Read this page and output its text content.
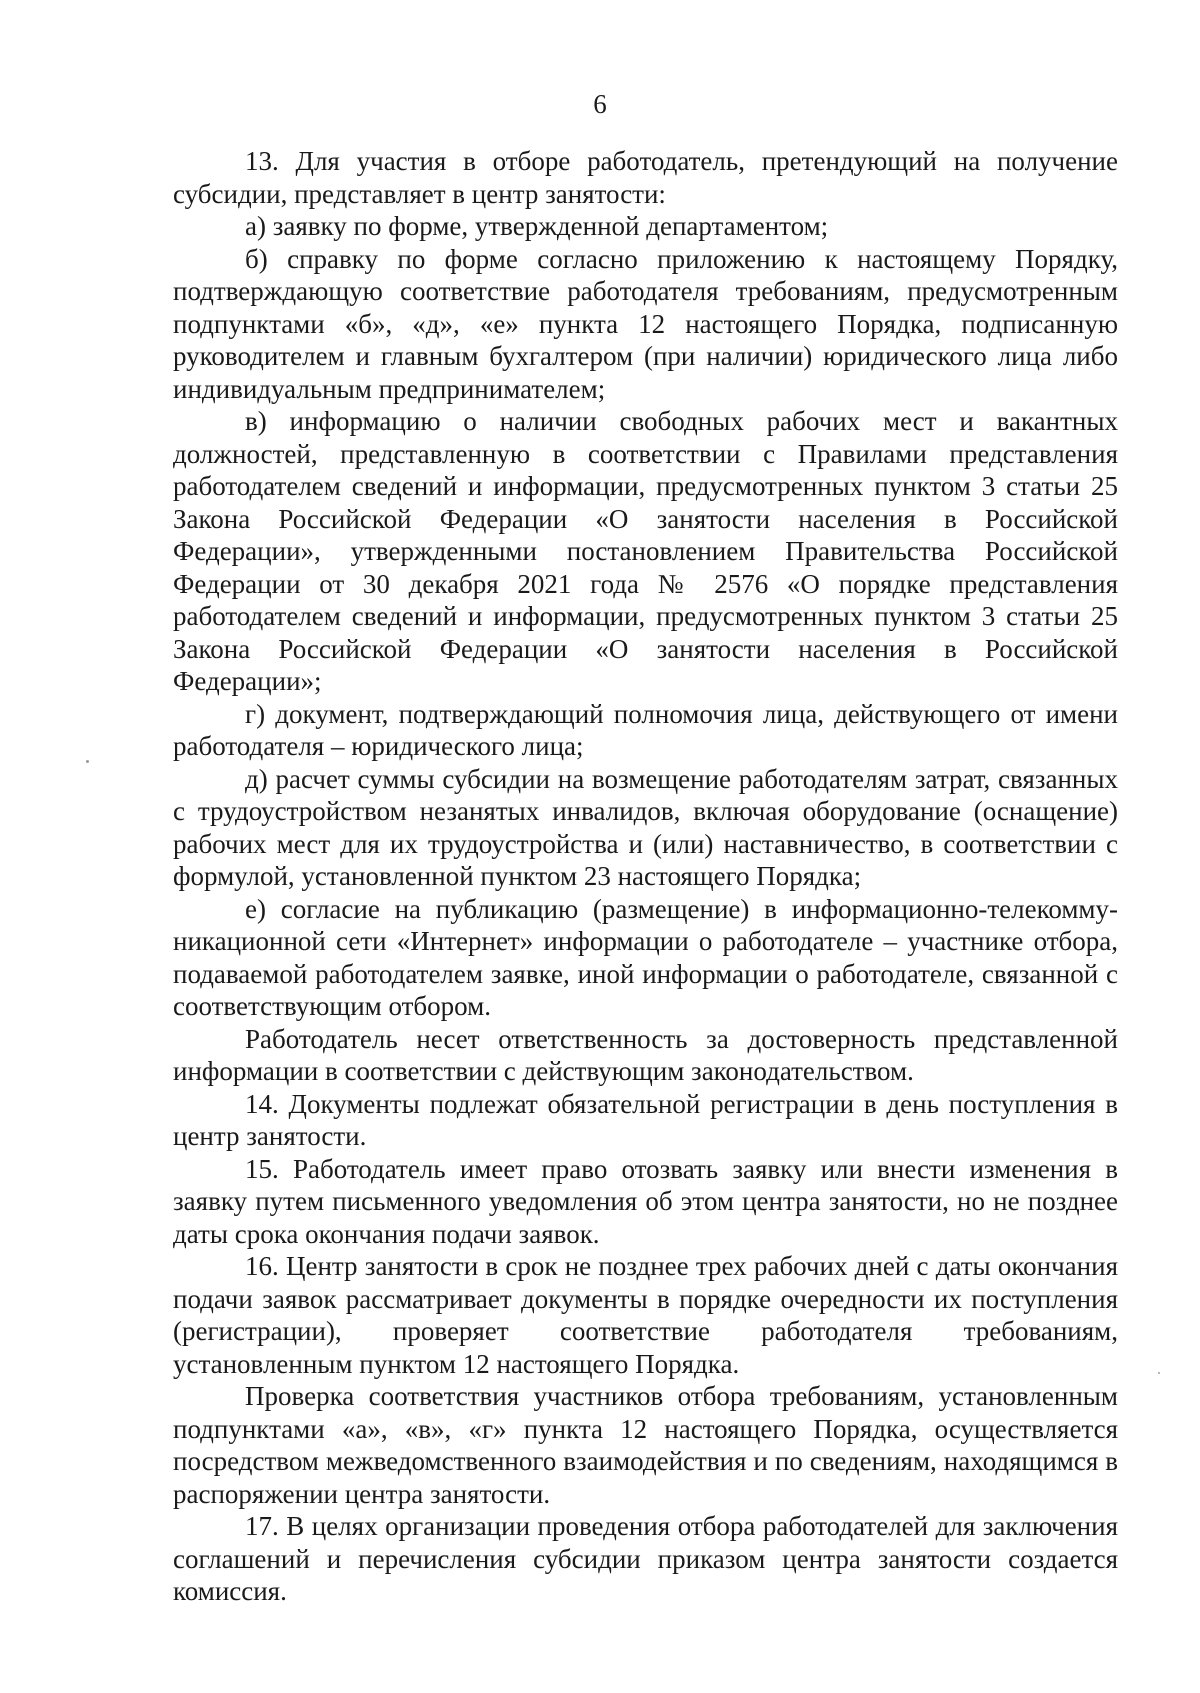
6

13. Для участия в отборе работодатель, претендующий на получение субсидии, представляет в центр занятости:

а) заявку по форме, утвержденной департаментом;

б) справку по форме согласно приложению к настоящему Порядку, подтверждающую соответствие работодателя требованиям, предусмотренным подпунктами «б», «д», «е» пункта 12 настоящего Порядка, подписанную руководителем и главным бухгалтером (при наличии) юридического лица либо индивидуальным предпринимателем;

в) информацию о наличии свободных рабочих мест и вакантных должностей, представленную в соответствии с Правилами представления работодателем сведений и информации, предусмотренных пунктом 3 статьи 25 Закона Российской Федерации «О занятости населения в Российской Федерации», утвержденными постановлением Правительства Российской Федерации от 30 декабря 2021 года № 2576 «О порядке представления работодателем сведений и информации, предусмотренных пунктом 3 статьи 25 Закона Российской Федерации «О занятости населения в Российской Федерации»;

г) документ, подтверждающий полномочия лица, действующего от имени работодателя – юридического лица;

д) расчет суммы субсидии на возмещение работодателям затрат, связанных с трудоустройством незанятых инвалидов, включая оборудование (оснащение) рабочих мест для их трудоустройства и (или) наставничество, в соответствии с формулой, установленной пунктом 23 настоящего Порядка;

е) согласие на публикацию (размещение) в информационно-телекоммуникационной сети «Интернет» информации о работодателе – участнике отбора, подаваемой работодателем заявке, иной информации о работодателе, связанной с соответствующим отбором.

Работодатель несет ответственность за достоверность представленной информации в соответствии с действующим законодательством.

14. Документы подлежат обязательной регистрации в день поступления в центр занятости.

15. Работодатель имеет право отозвать заявку или внести изменения в заявку путем письменного уведомления об этом центра занятости, но не позднее даты срока окончания подачи заявок.

16. Центр занятости в срок не позднее трех рабочих дней с даты окончания подачи заявок рассматривает документы в порядке очередности их поступления (регистрации), проверяет соответствие работодателя требованиям, установленным пунктом 12 настоящего Порядка.

Проверка соответствия участников отбора требованиям, установленным подпунктами «а», «в», «г» пункта 12 настоящего Порядка, осуществляется посредством межведомственного взаимодействия и по сведениям, находящимся в распоряжении центра занятости.

17. В целях организации проведения отбора работодателей для заключения соглашений и перечисления субсидии приказом центра занятости создается комиссия.
